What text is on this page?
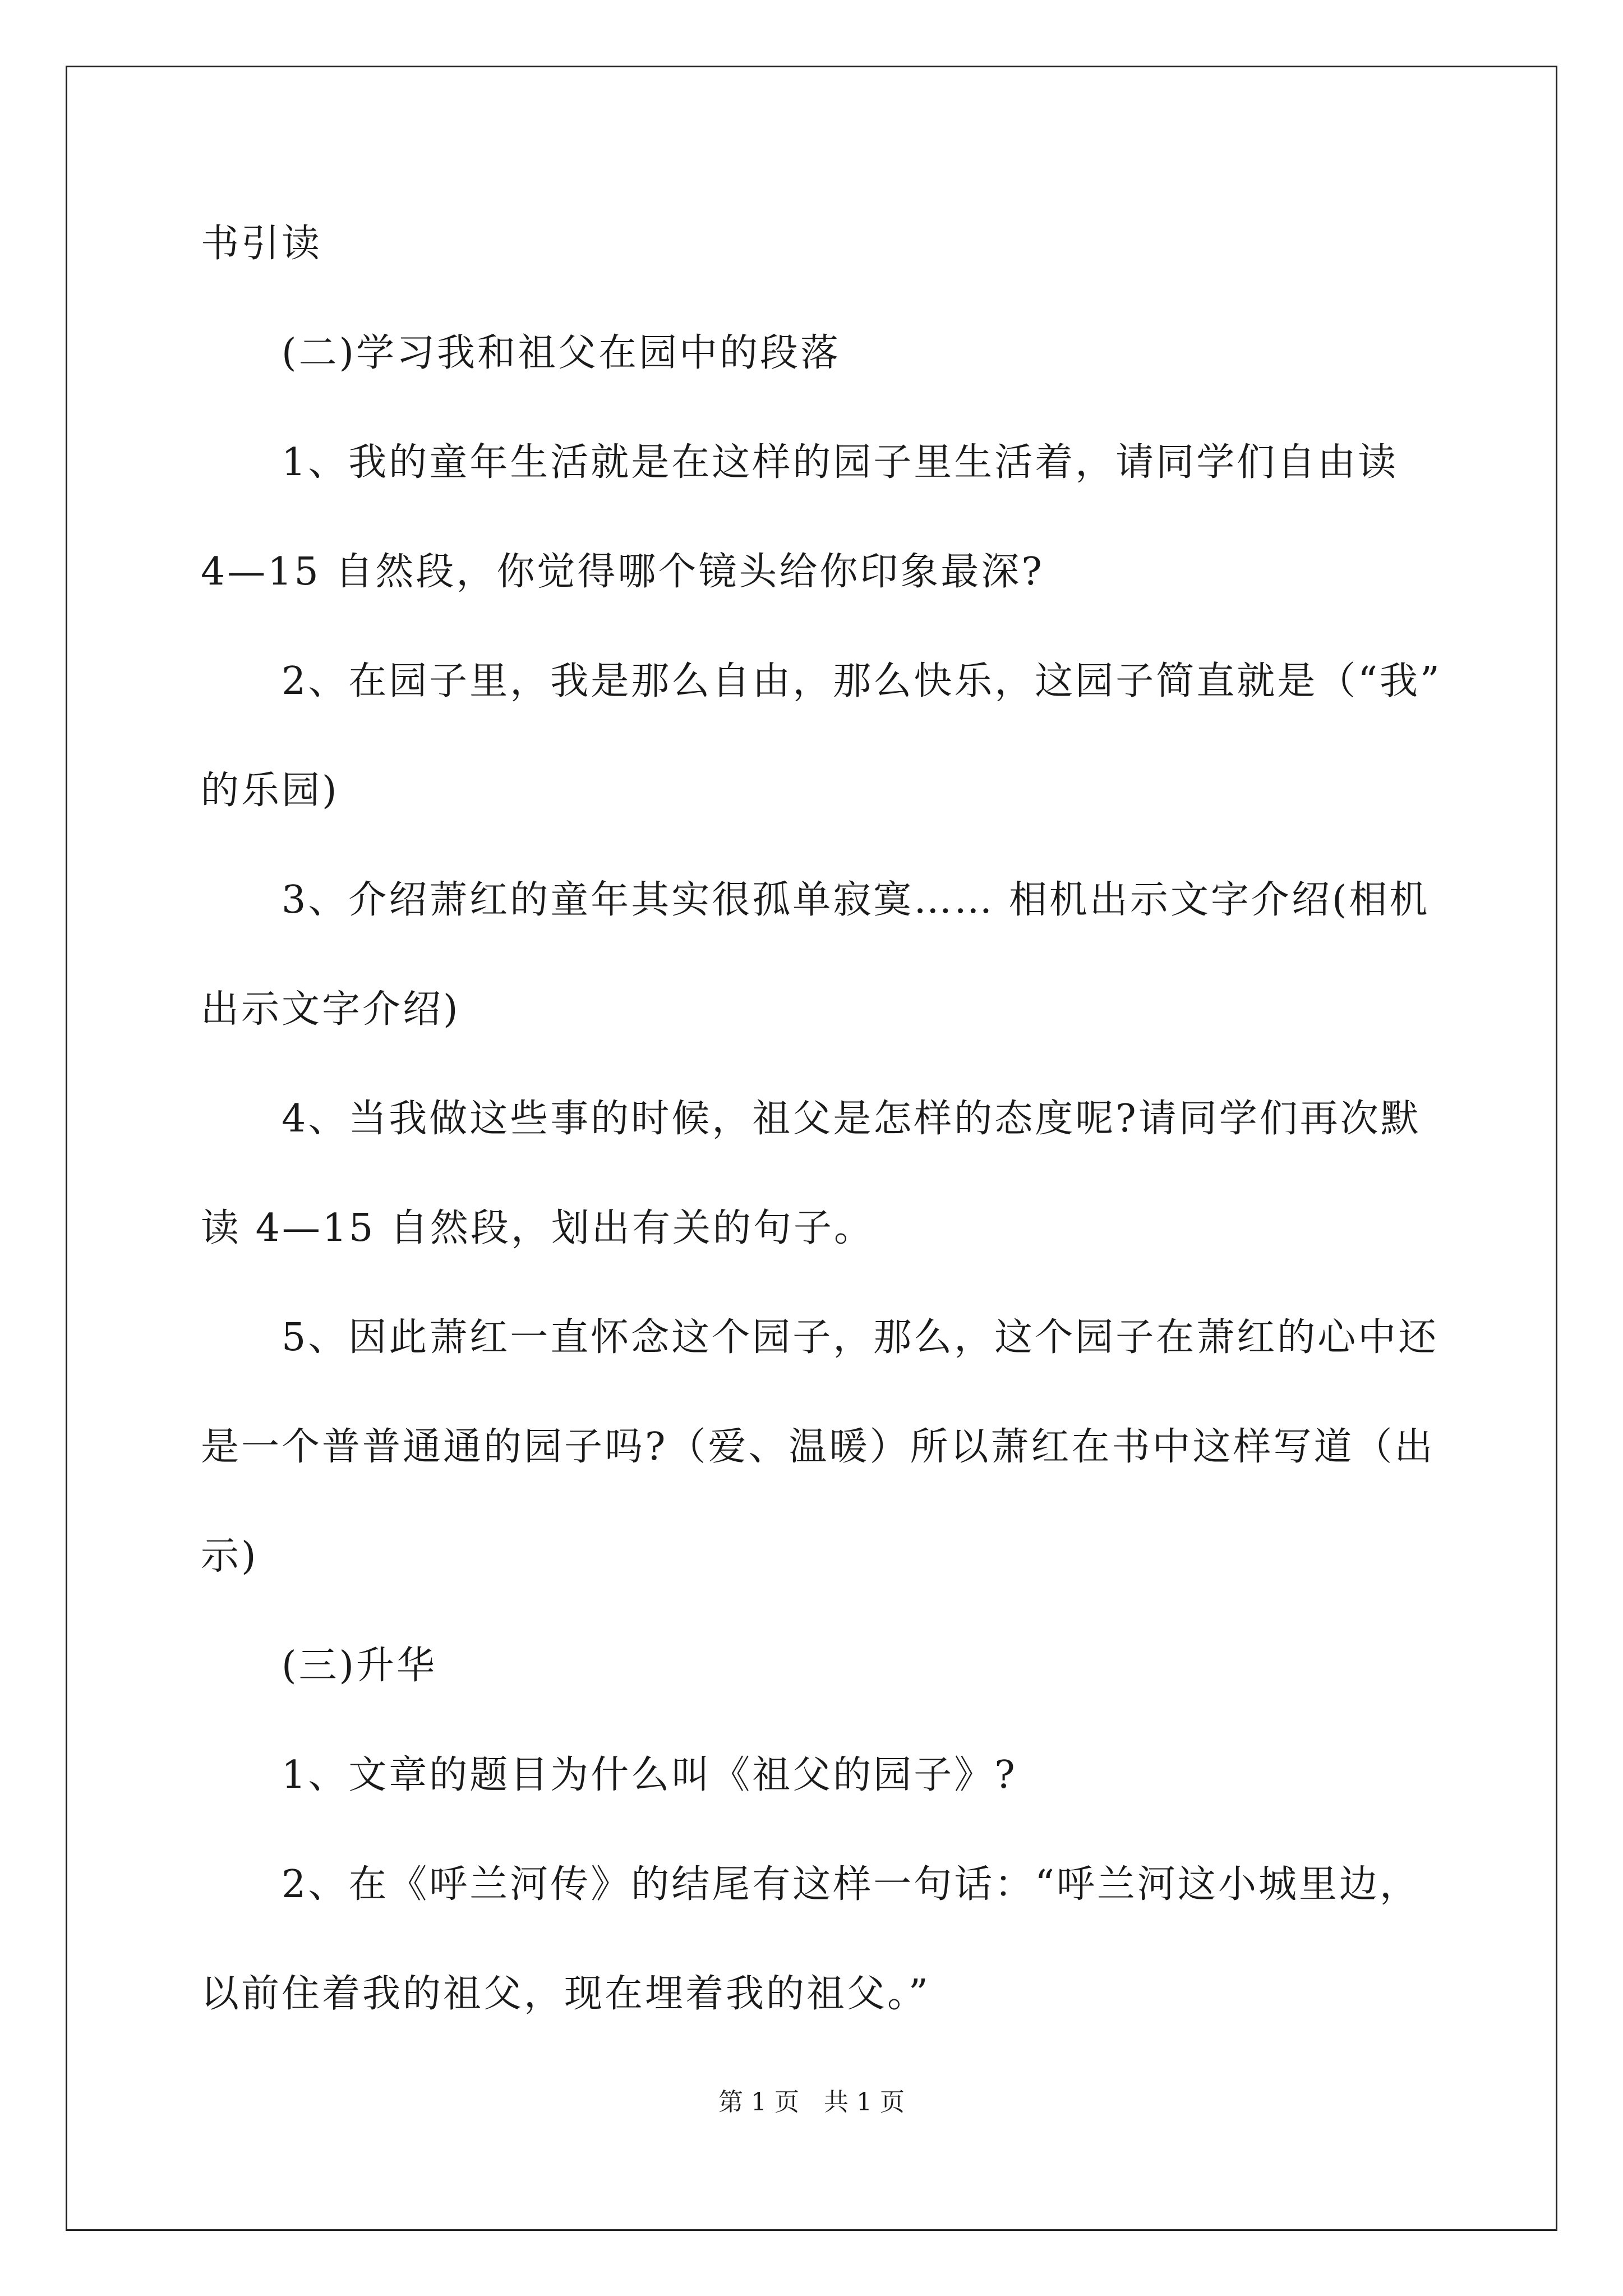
书引读
(二)学习我和祖父在园中的段落
1、我的童年生活就是在这样的园子里生活着，请同学们自由读
4—15 自然段，你觉得哪个镜头给你印象最深?
2、在园子里，我是那么自由，那么快乐，这园子简直就是（“我”
的乐园)
3、介绍萧红的童年其实很孤单寂寞…… 相机出示文字介绍(相机
出示文字介绍)
4、当我做这些事的时候，祖父是怎样的态度呢?请同学们再次默
读 4—15 自然段，划出有关的句子。
5、因此萧红一直怀念这个园子，那么，这个园子在萧红的心中还
是一个普普通通的园子吗?（爱、温暖）所以萧红在书中这样写道（出
示)
(三)升华
1、文章的题目为什么叫《祖父的园子》?
2、在《呼兰河传》的结尾有这样一句话：“呼兰河这小城里边，
以前住着我的祖父，现在埋着我的祖父。”
第 1 页　共 1 页
